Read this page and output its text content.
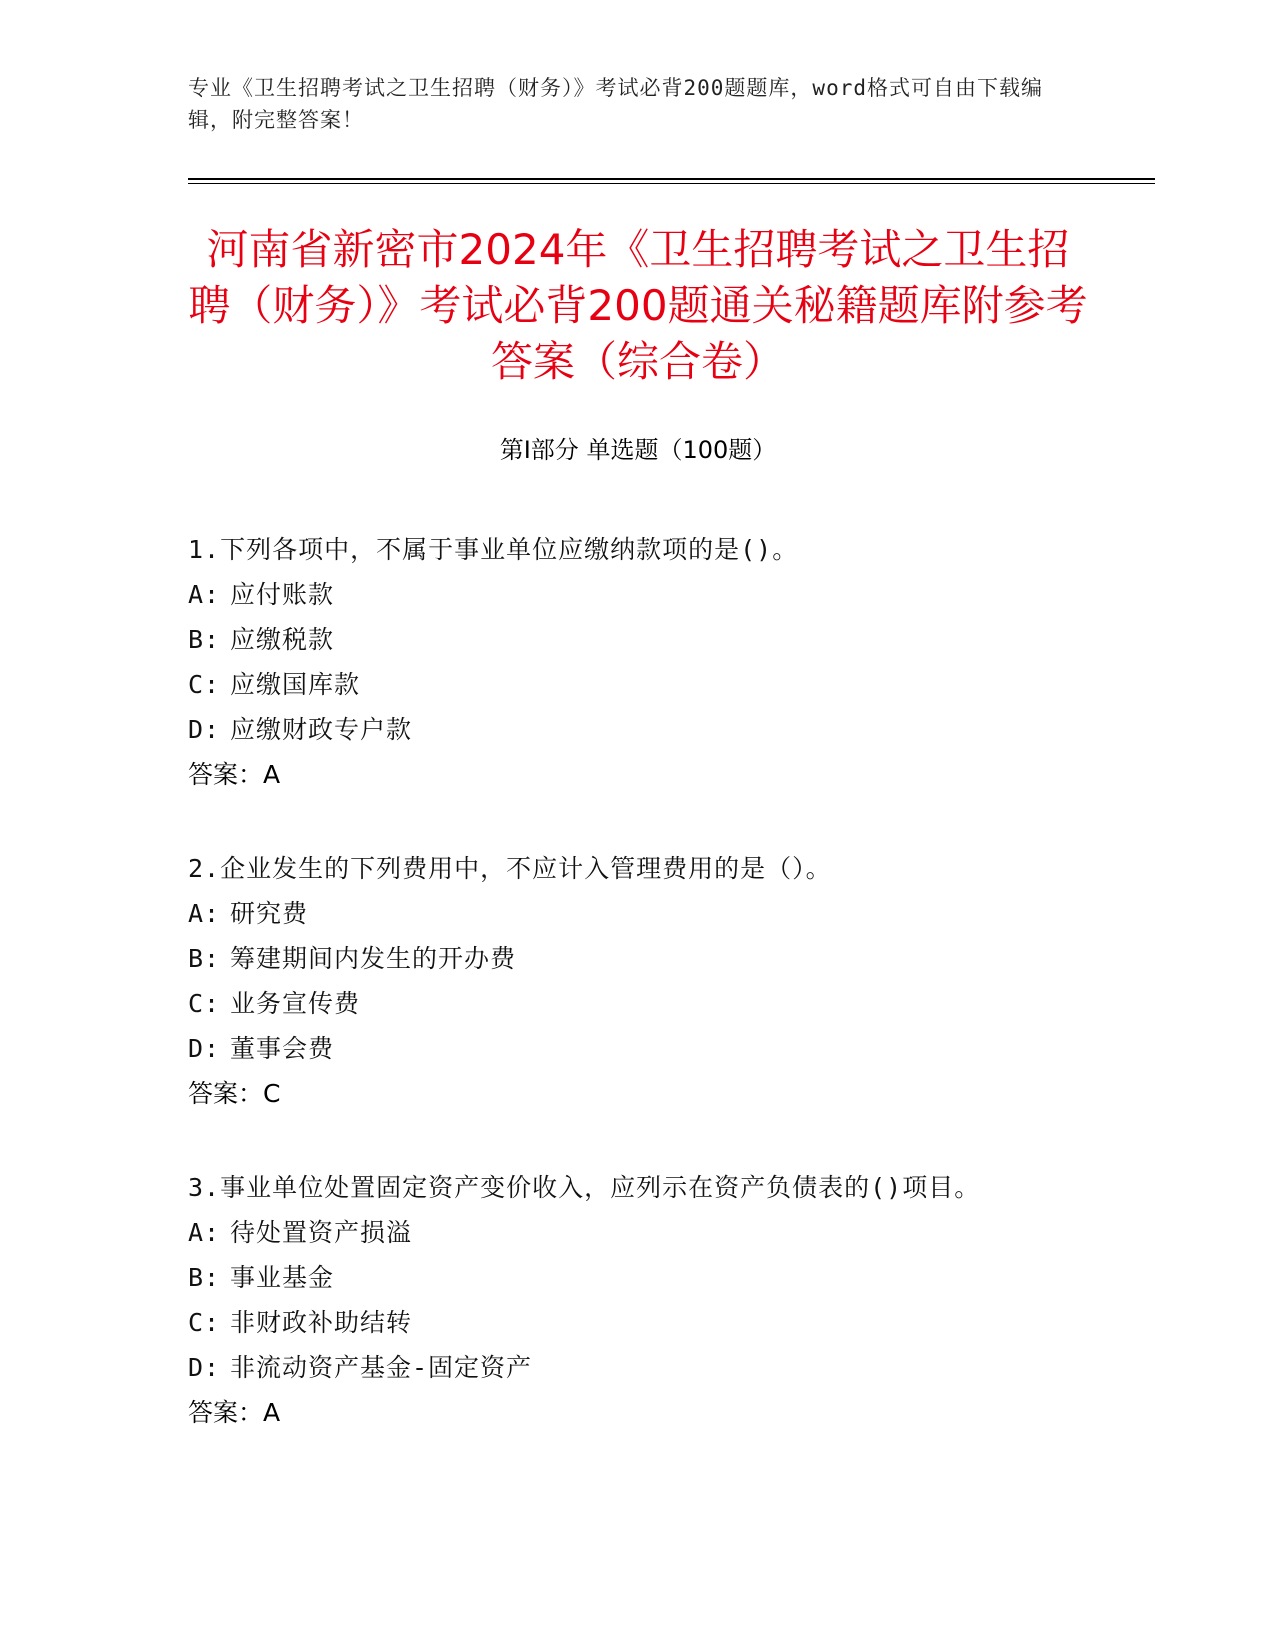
专业《卫生招聘考试之卫生招聘（财务）》考试必背200题题库，word格式可自由下载编辑，附完整答案！
河南省新密市2024年《卫生招聘考试之卫生招聘（财务）》考试必背200题通关秘籍题库附参考答案（综合卷）
第Ⅰ部分 单选题（100题）
1.下列各项中，不属于事业单位应缴纳款项的是()。
A: 应付账款
B: 应缴税款
C: 应缴国库款
D: 应缴财政专户款
答案：A
2.企业发生的下列费用中，不应计入管理费用的是（）。
A: 研究费
B: 筹建期间内发生的开办费
C: 业务宣传费
D: 董事会费
答案：C
3.事业单位处置固定资产变价收入，应列示在资产负债表的()项目。
A: 待处置资产损溢
B: 事业基金
C: 非财政补助结转
D: 非流动资产基金-固定资产
答案：A
